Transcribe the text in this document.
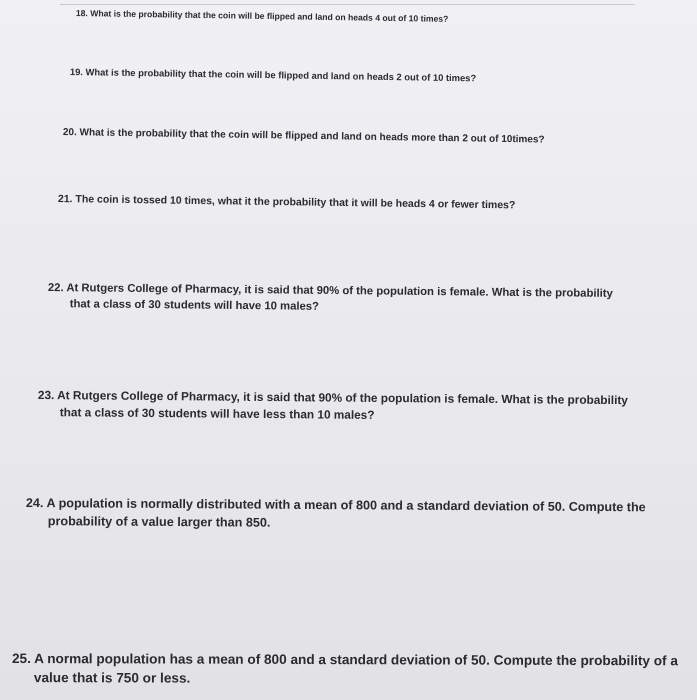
18. What is the probability that the coin will be flipped and land on heads 4 out of 10 times?

19. What is the probability that the coin will be flipped and land on heads 2 out of 10 times?

20. What is the probability that the coin will be flipped and land on heads more than 2 out of 10times?

21. The coin is tossed 10 times, what it the probability that it will be heads 4 or fewer times?

22. At Rutgers College of Pharmacy, it is said that 90% of the population is female. What is the probability
that a class of 30 students will have 10 males?

23. At Rutgers College of Pharmacy, it is said that 90% of the population is female. What is the probability
that a class of 30 students will have less than 10 males?

24. A population is normally distributed with a mean of 800 and a standard deviation of 50. Compute the
probability of a value larger than 850.

25. A normal population has a mean of 800 and a standard deviation of 50. Compute the probability of a
value that is 750 or less.
